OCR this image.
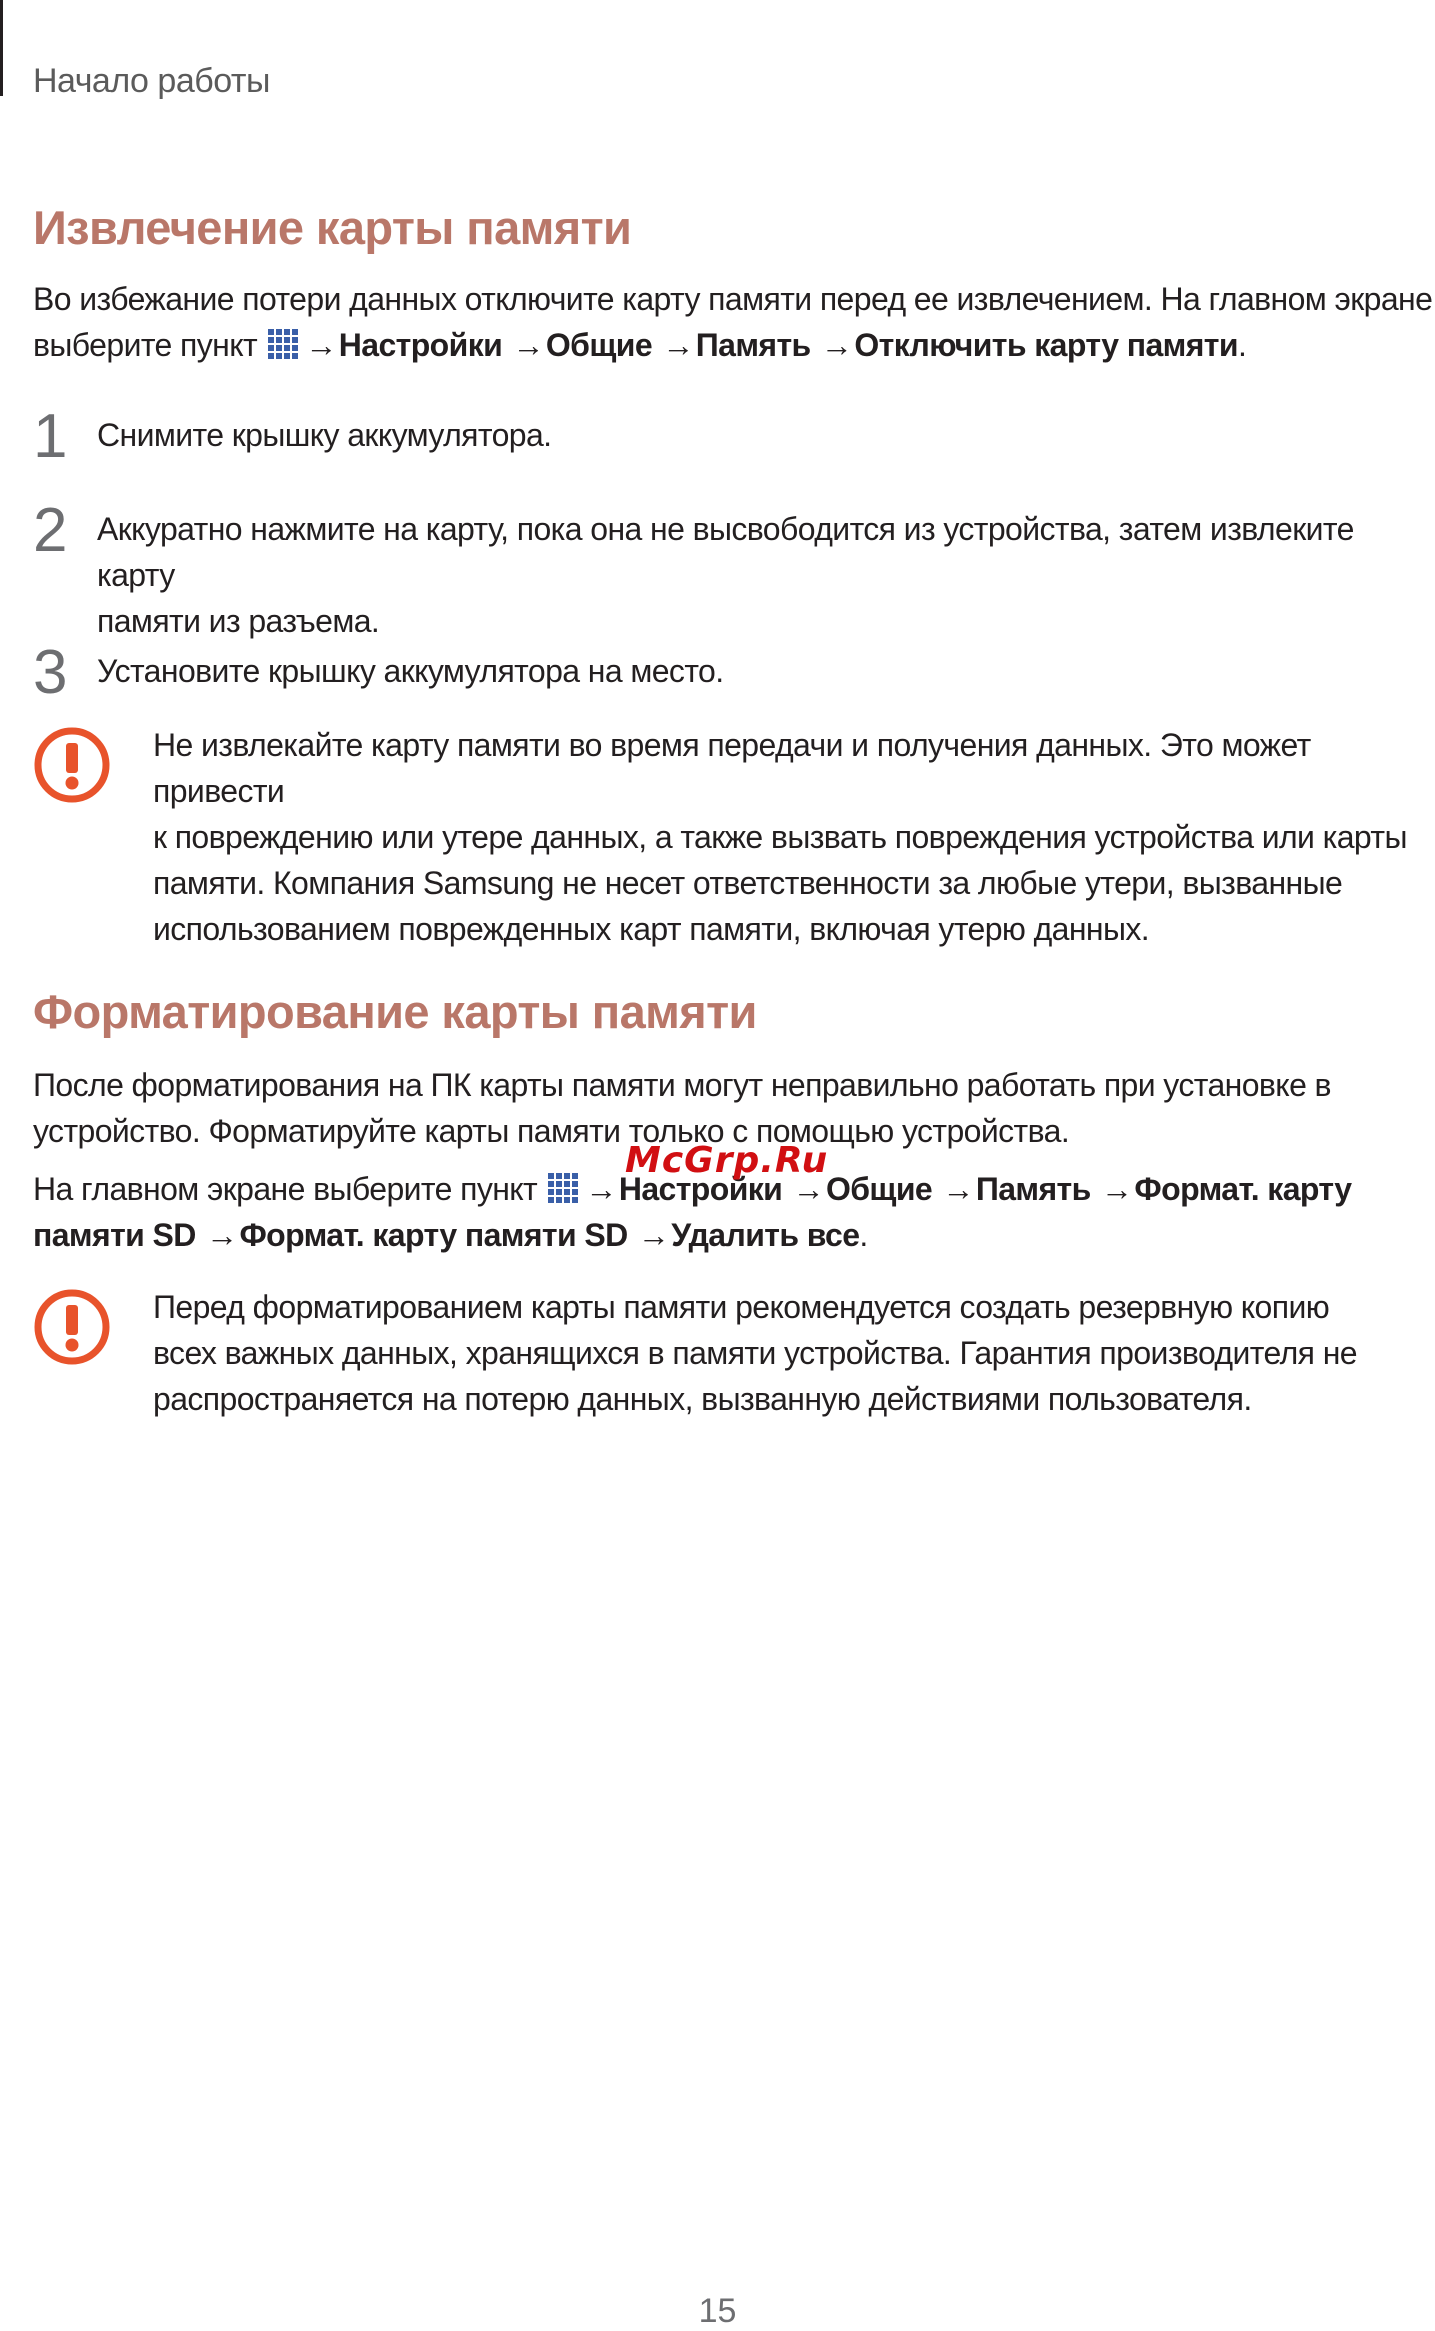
Начало работы
Извлечение карты памяти

Во избежание потери данных отключите карту памяти перед ее извлечением. На главном экране
выберите пункт →Настройки →Общие →Память →Отключить карту памяти.

1 Снимите крышку аккумулятора.

2 Аккуратно нажмите на карту, пока она не высвободится из устройства, затем извлеките карту
памяти из разъема.

3 Установите крышку аккумулятора на место.

Не извлекайте карту памяти во время передачи и получения данных. Это может привести
к повреждению или утере данных, а также вызвать повреждения устройства или карты
памяти. Компания Samsung не несет ответственности за любые утери, вызванные
использованием поврежденных карт памяти, включая утерю данных.

Форматирование карты памяти

После форматирования на ПК карты памяти могут неправильно работать при установке в
устройство. Форматируйте карты памяти только с помощью устройства.

На главном экране выберите пункт →Настройки →Общие →Память →Формат. карту
памяти SD →Формат. карту памяти SD →Удалить все.

Перед форматированием карты памяти рекомендуется создать резервную копию
всех важных данных, хранящихся в памяти устройства. Гарантия производителя не
распространяется на потерю данных, вызванную действиями пользователя.

McGrp.Ru
15
